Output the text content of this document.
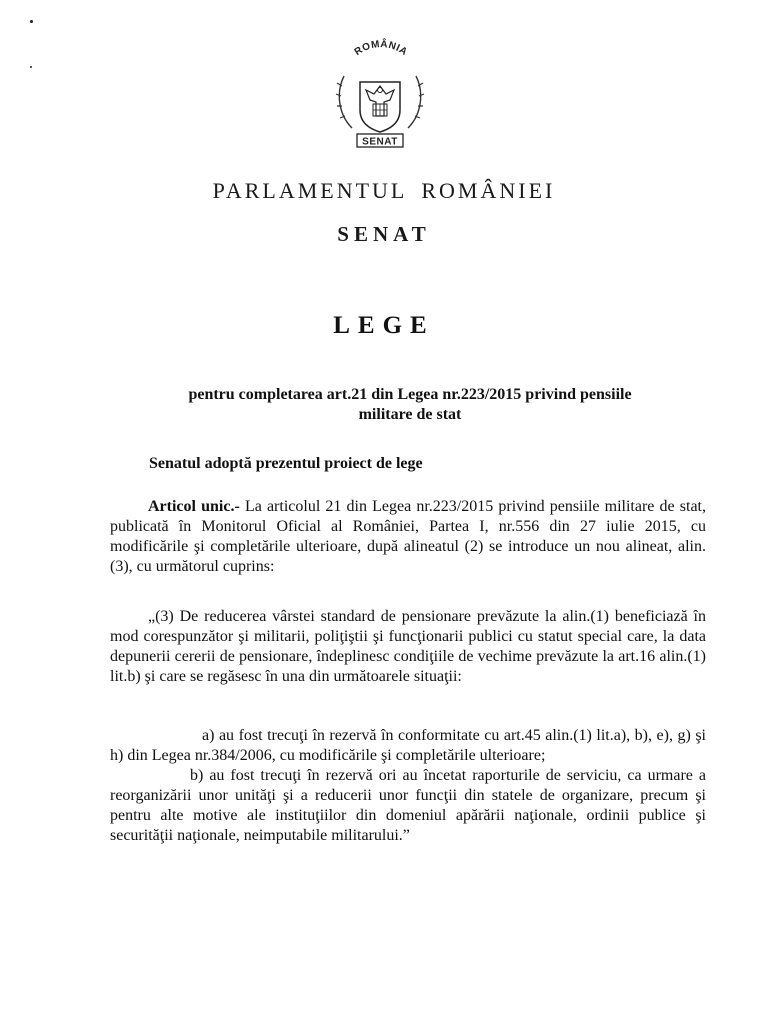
ROMÂNIA
SENAT
PARLAMENTUL ROMÂNIEI
SENAT
LEGE
pentru completarea art.21 din Legea nr.223/2015 privind pensiile
militare de stat
Senatul adoptă prezentul proiect de lege
Articol unic.- La articolul 21 din Legea nr.223/2015 privind pensiile militare de stat, publicată în Monitorul Oficial al României, Partea I, nr.556 din 27 iulie 2015, cu modificările şi completările ulterioare, după alineatul (2) se introduce un nou alineat, alin.(3), cu următorul cuprins:
„(3) De reducerea vârstei standard de pensionare prevăzute la alin.(1) beneficiază în mod corespunzător şi militarii, poliţiştii şi funcţionarii publici cu statut special care, la data depunerii cererii de pensionare, îndeplinesc condiţiile de vechime prevăzute la art.16 alin.(1) lit.b) şi care se regăsesc în una din următoarele situaţii:
a) au fost trecuţi în rezervă în conformitate cu art.45 alin.(1) lit.a), b), e), g) şi h) din Legea nr.384/2006, cu modificările şi completările ulterioare;
b) au fost trecuţi în rezervă ori au încetat raporturile de serviciu, ca urmare a reorganizării unor unităţi şi a reducerii unor funcţii din statele de organizare, precum şi pentru alte motive ale instituţiilor din domeniul apărării naţionale, ordinii publice şi securităţii naţionale, neimputabile militarului.”
